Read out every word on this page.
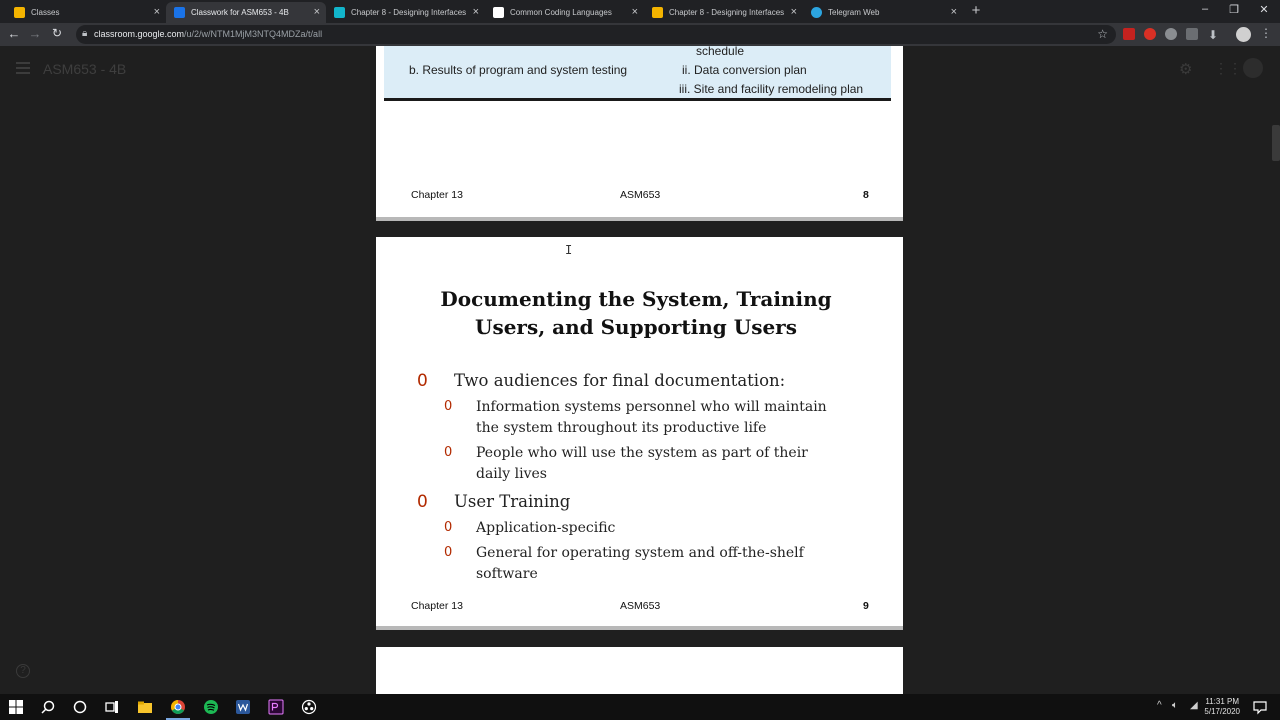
Classes	×	Classwork for ASM653 - 4B ×	Chapter 8 - Designing Interfaces ×	Common Coding Languages ×	Chapter 8 - Designing Interfaces ×	Telegram Web	× +	–	❐	✕
← → ↻ 🔒︎ classroom.google.com/u/2/w/NTM1MjM3NTQ4MDZa/t/all	☆	⬇	⋮
ASM653 - 4B	⚙ ⋮⋮
?
schedule
b. Results of program and system testing	ii. Data conversion plan
iii. Site and facility remodeling plan
Chapter 13	ASM653	8
Documenting the System, Training
Users, and Supporting Users
0 Two audiences for final documentation:
0 Information systems personnel who will maintain
the system throughout its productive life
0 People who will use the system as part of their
daily lives
0 User Training
0 Application-specific
0 General for operating system and off-the-shelf
software
Chapter 13	ASM653	9
I
^ 🔈︎ ◢ 11:31 PM
5/17/2020
